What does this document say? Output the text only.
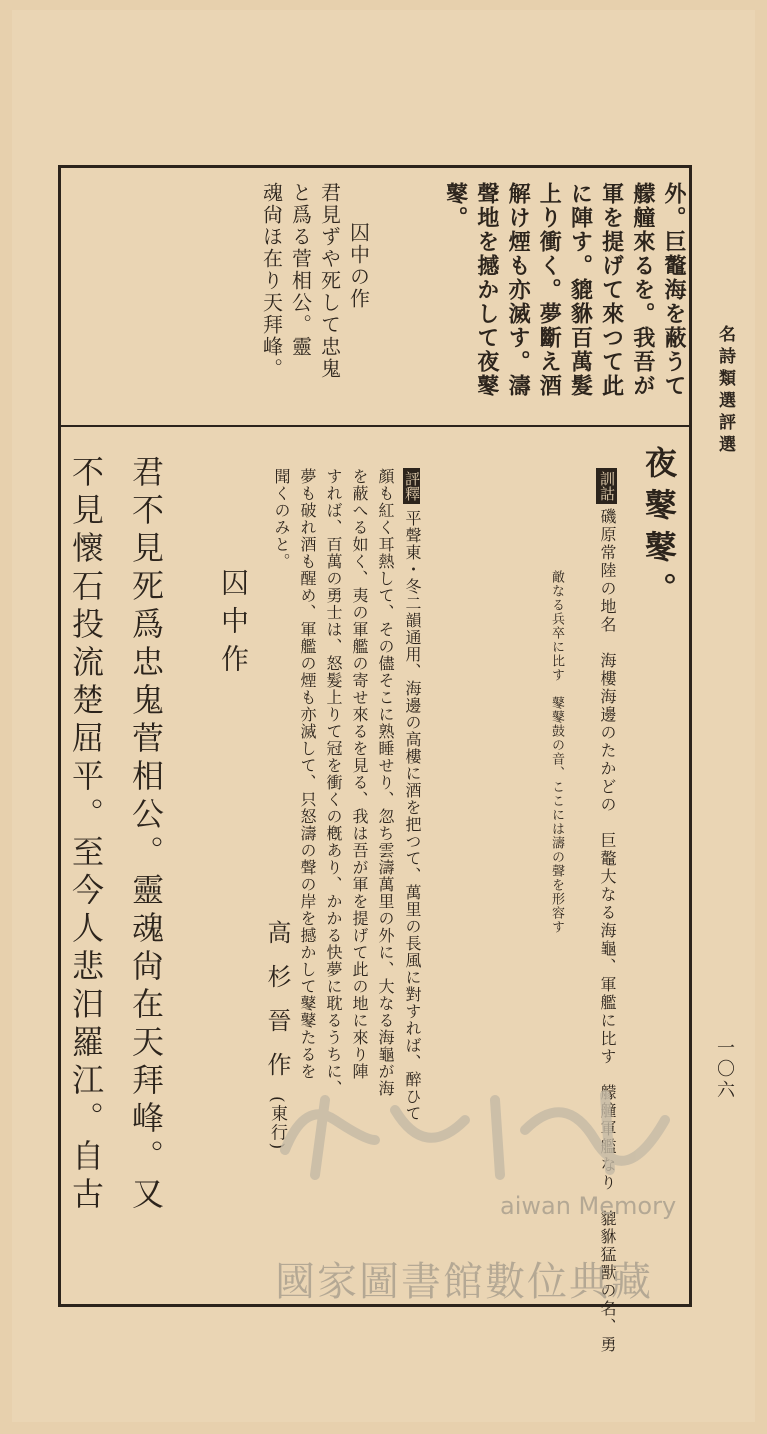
名詩類選評選
一〇六
外。巨鼇海を蔽うて
艨艟來るを。我吾が
軍を提げて來つて此
に陣す。貔貅百萬髮
上り衝く。夢斷え酒
解け煙も亦滅す。濤
聲地を撼かして夜鼕
鼕。
囚中の作
君見ずや死して忠鬼
と爲る菅相公。靈
魂尙ほ在り天拜峰。
夜鼕鼕。
訓詁磯原常陸の地名　海樓海邊のたかどの　巨鼇大なる海龜、軍艦に比す　艨艟軍艦なり　貔貅猛獸の名、勇
敵なる兵卒に比す　鼕鼕鼓の音、ここには濤の聲を形容す
評釋平聲東・冬二韻通用、海邊の高樓に酒を把つて、萬里の長風に對すれば、醉ひて
顏も紅く耳熱して、その儘そこに熟睡せり、忽ち雲濤萬里の外に、大なる海龜が海
を蔽へる如く、夷の軍艦の寄せ來るを見る、我は吾が軍を提げて此の地に來り陣
すれば、百萬の勇士は、怒髮上りて冠を衝くの槪あり、かかる快夢に耽るうちに、
夢も破れ酒も醒め、軍艦の煙も亦滅して、只怒濤の聲の岸を撼かして鼕鼕たるを
聞くのみと。
囚中作
高杉晉作(東行)
君不見死爲忠鬼菅相公。靈魂尙在天拜峰。又
不見懷石投流楚屈平。至今人悲汨羅江。自古	aiwan Memory
國家圖書館數位典藏
